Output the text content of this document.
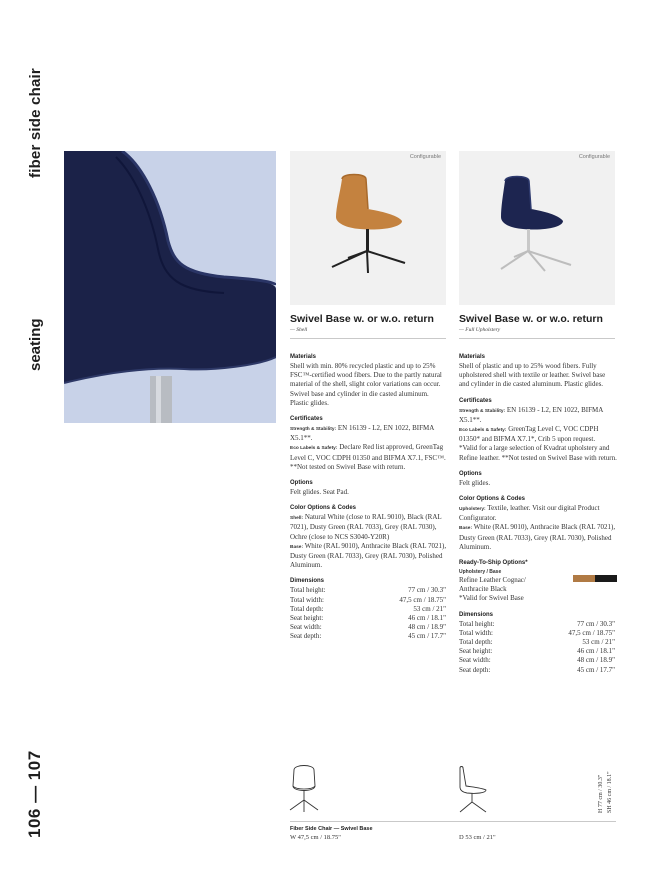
fiber side chair
seating
106 — 107
Configurable	Configurable
Swivel Base w. or w.o. return
— Shell
Materials
Shell with min. 80% recycled plastic and up to 25% FSC™-certified wood fibers. Due to the partly natural material of the shell, slight color variations can occur. Swivel base and cylinder in die casted aluminum. Plastic glides.
Certificates
Strength & Stability: EN 16139 - L2, EN 1022, BIFMA X5.1**.
Eco Labels & Safety: Declare Red list approved, GreenTag Level C, VOC CDPH 01350 and BIFMA X7.1, FSC™.
**Not tested on Swivel Base with return.
Options
Felt glides. Seat Pad.
Color Options & Codes
Shell: Natural White (close to RAL 9010), Black (RAL 7021), Dusty Green (RAL 7033), Grey (RAL 7030), Ochre (close to NCS S3040-Y20R)
Base: White (RAL 9010), Anthracite Black (RAL 7021), Dusty Green (RAL 7033), Grey (RAL 7030), Polished Aluminum.
Dimensions
Total height:	77 cm / 30.3"
Total width:	47,5 cm / 18.75"
Total depth:	53 cm / 21"
Seat height:	46 cm / 18.1"
Seat width:	48 cm / 18.9"
Seat depth:	45 cm / 17.7"
Swivel Base w. or w.o. return
— Full Upholstery
Materials
Shell of plastic and up to 25% wood fibers. Fully upholstered shell with textile or leather. Swivel base and cylinder in die casted aluminum. Plastic glides.
Certificates
Strength & Stability: EN 16139 - L2, EN 1022, BIFMA X5.1**.
Eco Labels & Safety: GreenTag Level C, VOC CDPH 01350* and BIFMA X7.1*, Crib 5 upon request.
*Valid for a large selection of Kvadrat upholstery and Refine leather. **Not tested on Swivel Base with return.
Options
Felt glides.
Color Options & Codes
Upholstery: Textile, leather. Visit our digital Product Configurator.
Base: White (RAL 9010), Anthracite Black (RAL 7021), Dusty Green (RAL 7033), Grey (RAL 7030), Polished Aluminum.
Ready-To-Ship Options*
Upholstery / Base
Refine Leather Cognac/ Anthracite Black
*Valid for Swivel Base
Dimensions
Total height:	77 cm / 30.3"
Total width:	47,5 cm / 18.75"
Total depth:	53 cm / 21"
Seat height:	46 cm / 18.1"
Seat width:	48 cm / 18.9"
Seat depth:	45 cm / 17.7"
H 77 cm / 30.3" SH 46 cm / 18.1"
Fiber Side Chair — Swivel Base
W 47,5 cm / 18.75"	D 53 cm / 21"
